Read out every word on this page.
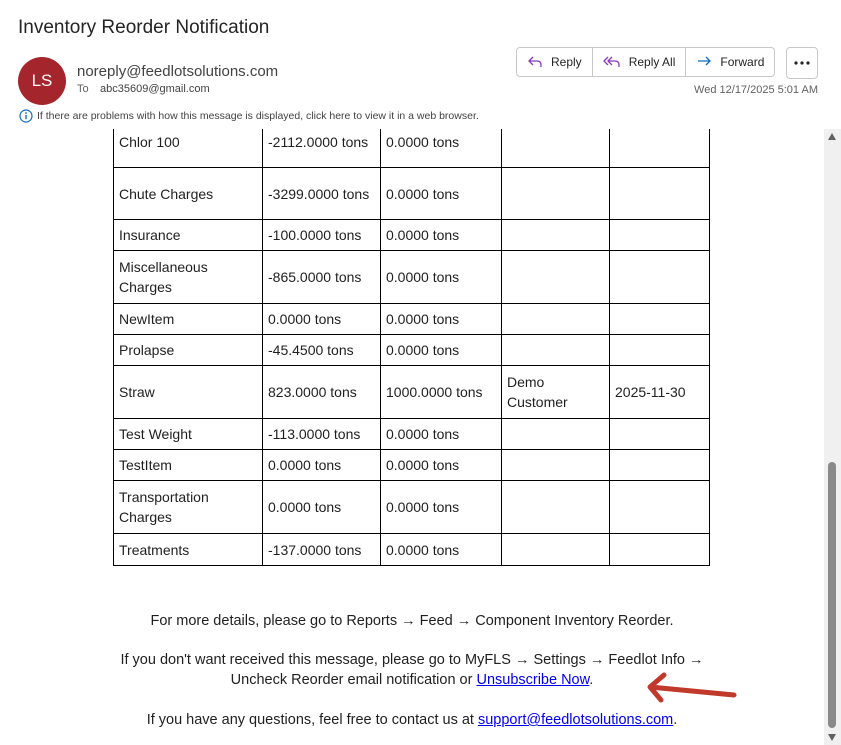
Inventory Reorder Notification
LS	noreply@feedlotsolutions.com
To abc35609@gmail.com
Reply	Reply All	Forward
Wed 12/17/2025 5:01 AM
If there are problems with how this message is displayed, click here to view it in a web browser.
Chlor 100	-2112.0000 tons	0.0000 tons		
Chute Charges	-3299.0000 tons	0.0000 tons		
Insurance	-100.0000 tons	0.0000 tons		
Miscellaneous Charges	-865.0000 tons	0.0000 tons		
NewItem	0.0000 tons	0.0000 tons		
Prolapse	-45.4500 tons	0.0000 tons		
Straw	823.0000 tons	1000.0000 tons	Demo Customer	2025-11-30
Test Weight	-113.0000 tons	0.0000 tons		
TestItem	0.0000 tons	0.0000 tons		
Transportation Charges	0.0000 tons	0.0000 tons		
Treatments	-137.0000 tons	0.0000 tons		
For more details, please go to Reports → Feed → Component Inventory Reorder.
If you don't want received this message, please go to MyFLS → Settings → Feedlot Info →
Uncheck Reorder email notification or Unsubscribe Now.
If you have any questions, feel free to contact us at support@feedlotsolutions.com.
